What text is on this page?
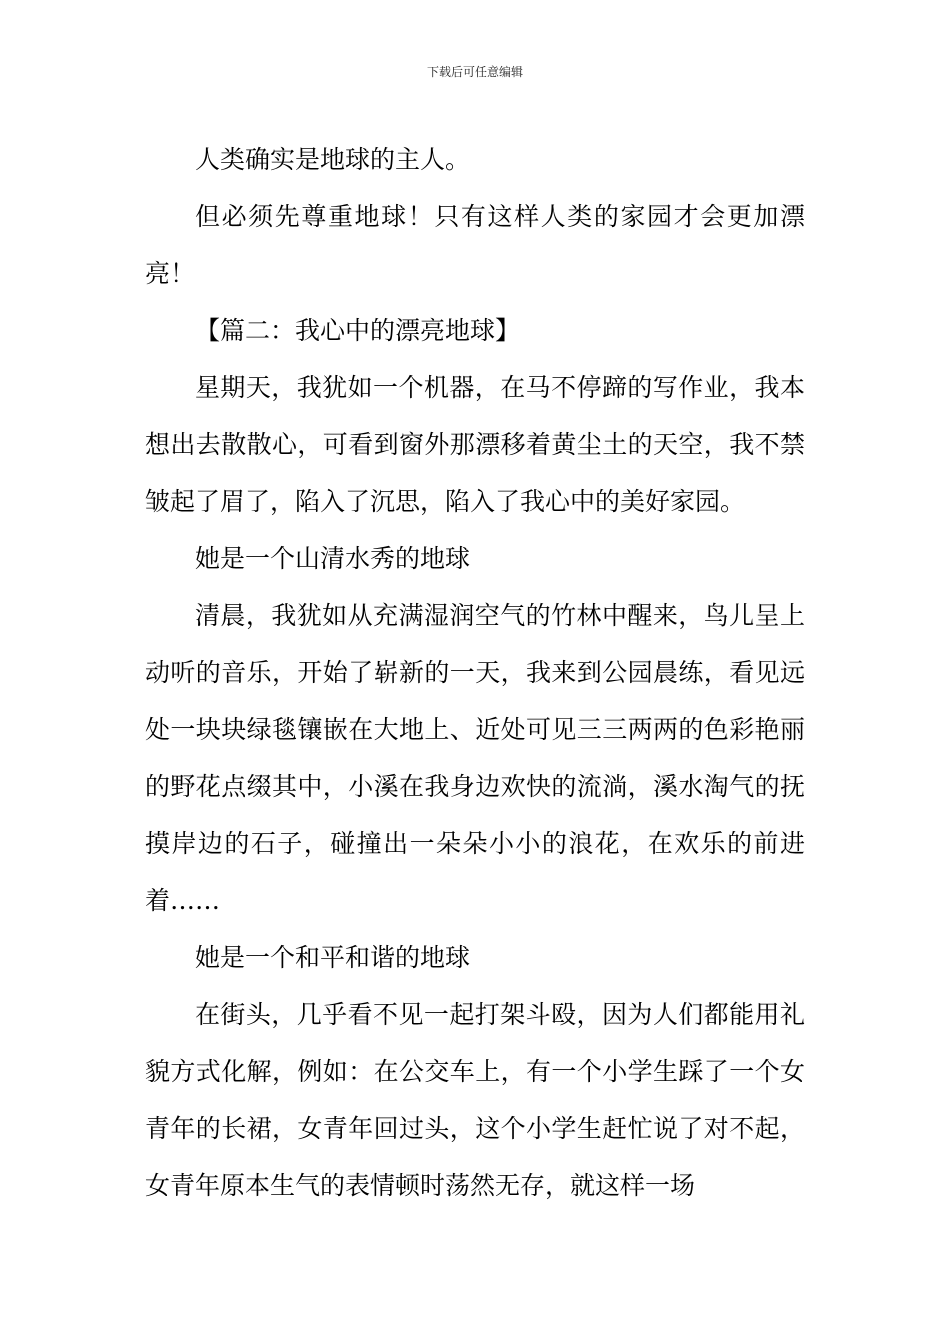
下载后可任意编辑

人类确实是地球的主人。

但必须先尊重地球！只有这样人类的家园才会更加漂亮！

【篇二：我心中的漂亮地球】

星期天，我犹如一个机器，在马不停蹄的写作业，我本想出去散散心，可看到窗外那漂移着黄尘土的天空，我不禁皱起了眉了，陷入了沉思，陷入了我心中的美好家园。

她是一个山清水秀的地球

清晨，我犹如从充满湿润空气的竹林中醒来，鸟儿呈上动听的音乐，开始了崭新的一天，我来到公园晨练，看见远处一块块绿毯镶嵌在大地上、近处可见三三两两的色彩艳丽的野花点缀其中，小溪在我身边欢快的流淌，溪水淘气的抚摸岸边的石子，碰撞出一朵朵小小的浪花，在欢乐的前进着……

她是一个和平和谐的地球

在街头，几乎看不见一起打架斗殴，因为人们都能用礼貌方式化解，例如：在公交车上，有一个小学生踩了一个女青年的长裙，女青年回过头，这个小学生赶忙说了对不起，女青年原本生气的表情顿时荡然无存，就这样一场
